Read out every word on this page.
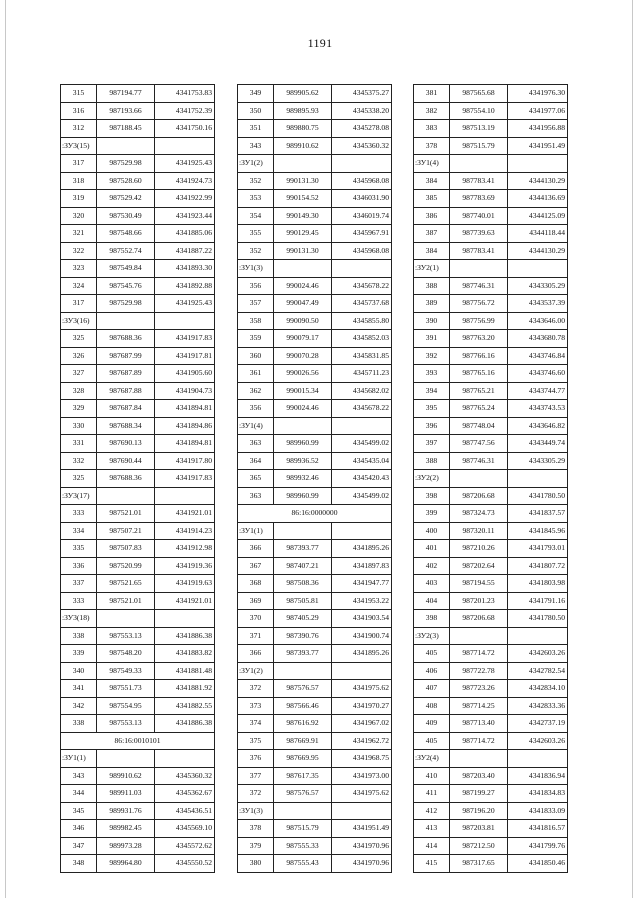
1191
315	987194.77	4341753.83
316	987193.66	4341752.39
312	987188.45	4341750.16
:ЗУ3(15)		
317	987529.98	4341925.43
318	987528.60	4341924.73
319	987529.42	4341922.99
320	987530.49	4341923.44
321	987548.66	4341885.06
322	987552.74	4341887.22
323	987549.84	4341893.30
324	987545.76	4341892.88
317	987529.98	4341925.43
:ЗУ3(16)		
325	987688.36	4341917.83
326	987687.99	4341917.81
327	987687.89	4341905.60
328	987687.88	4341904.73
329	987687.84	4341894.81
330	987688.34	4341894.86
331	987690.13	4341894.81
332	987690.44	4341917.80
325	987688.36	4341917.83
:ЗУ3(17)		
333	987521.01	4341921.01
334	987507.21	4341914.23
335	987507.83	4341912.98
336	987520.99	4341919.36
337	987521.65	4341919.63
333	987521.01	4341921.01
:ЗУ3(18)		
338	987553.13	4341886.38
339	987548.20	4341883.82
340	987549.33	4341881.48
341	987551.73	4341881.92
342	987554.95	4341882.55
338	987553.13	4341886.38
86:16:0010101		
:ЗУ1(1)		
343	989910.62	4345360.32
344	989911.03	4345362.67
345	989931.76	4345436.51
346	989982.45	4345569.10
347	989973.28	4345572.62
348	989964.80	4345550.52
349	989905.62	4345375.27
350	989895.93	4345338.20
351	989880.75	4345278.08
343	989910.62	4345360.32
:ЗУ1(2)		
352	990131.30	4345968.08
353	990154.52	4346031.90
354	990149.30	4346019.74
355	990129.45	4345967.91
352	990131.30	4345968.08
:ЗУ1(3)		
356	990024.46	4345678.22
357	990047.49	4345737.68
358	990090.50	4345855.80
359	990079.17	4345852.03
360	990070.28	4345831.85
361	990026.56	4345711.23
362	990015.34	4345682.02
356	990024.46	4345678.22
:ЗУ1(4)		
363	989960.99	4345499.02
364	989936.52	4345435.04
365	989932.46	4345420.43
363	989960.99	4345499.02
86:16:0000000		
:ЗУ1(1)		
366	987393.77	4341895.26
367	987407.21	4341897.83
368	987508.36	4341947.77
369	987505.81	4341953.22
370	987405.29	4341903.54
371	987390.76	4341900.74
366	987393.77	4341895.26
:ЗУ1(2)		
372	987576.57	4341975.62
373	987566.46	4341970.27
374	987616.92	4341967.02
375	987669.91	4341962.72
376	987669.95	4341968.75
377	987617.35	4341973.00
372	987576.57	4341975.62
:ЗУ1(3)		
378	987515.79	4341951.49
379	987555.33	4341970.96
380	987555.43	4341970.96
381	987565.68	4341976.30
382	987554.10	4341977.06
383	987513.19	4341956.88
378	987515.79	4341951.49
:ЗУ1(4)		
384	987783.41	4344130.29
385	987783.69	4344136.69
386	987740.01	4344125.09
387	987739.63	4344118.44
384	987783.41	4344130.29
:ЗУ2(1)		
388	987746.31	4343305.29
389	987756.72	4343537.39
390	987756.99	4343646.00
391	987763.20	4343680.78
392	987766.16	4343746.84
393	987765.16	4343746.60
394	987765.21	4343744.77
395	987765.24	4343743.53
396	987748.04	4343646.82
397	987747.56	4343449.74
388	987746.31	4343305.29
:ЗУ2(2)		
398	987206.68	4341780.50
399	987324.73	4341837.57
400	987320.11	4341845.96
401	987210.26	4341793.01
402	987202.64	4341807.72
403	987194.55	4341803.98
404	987201.23	4341791.16
398	987206.68	4341780.50
:ЗУ2(3)		
405	987714.72	4342603.26
406	987722.78	4342782.54
407	987723.26	4342834.10
408	987714.25	4342833.36
409	987713.40	4342737.19
405	987714.72	4342603.26
:ЗУ2(4)		
410	987203.40	4341836.94
411	987199.27	4341834.83
412	987196.20	4341833.09
413	987203.81	4341816.57
414	987212.50	4341799.76
415	987317.65	4341850.46
